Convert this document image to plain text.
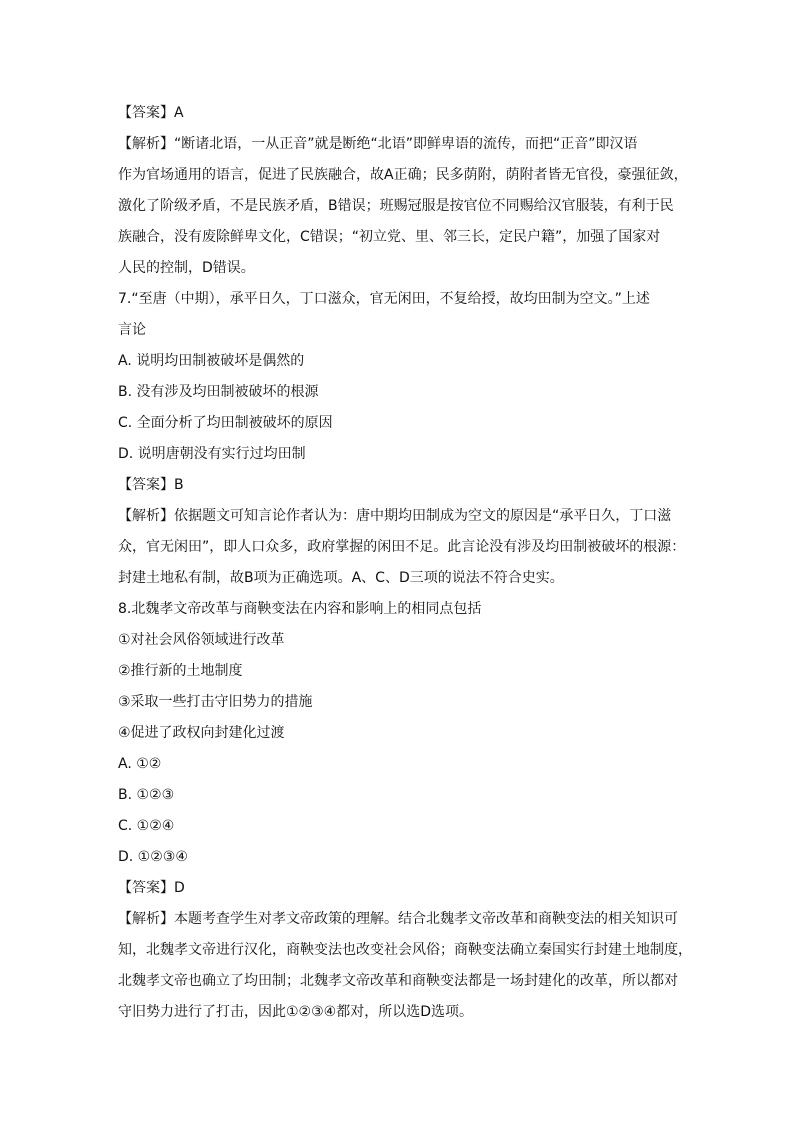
【答案】A
【解析】“断诸北语，一从正音”就是断绝“北语”即鲜卑语的流传，而把“正音”即汉语
作为官场通用的语言，促进了民族融合，故A正确；民多荫附，荫附者皆无官役，豪强征敛，
激化了阶级矛盾，不是民族矛盾，B错误；班赐冠服是按官位不同赐给汉官服装，有利于民
族融合，没有废除鲜卑文化，C错误；“初立党、里、邻三长，定民户籍”，加强了国家对
人民的控制，D错误。
7.“至唐（中期），承平日久，丁口滋众，官无闲田，不复给授，故均田制为空文。”上述
言论
A. 说明均田制被破坏是偶然的
B. 没有涉及均田制被破坏的根源
C. 全面分析了均田制被破坏的原因
D. 说明唐朝没有实行过均田制
【答案】B
【解析】依据题文可知言论作者认为：唐中期均田制成为空文的原因是“承平日久，丁口滋
众，官无闲田”，即人口众多，政府掌握的闲田不足。此言论没有涉及均田制被破坏的根源：
封建土地私有制，故B项为正确选项。A、C、D三项的说法不符合史实。
8.北魏孝文帝改革与商鞅变法在内容和影响上的相同点包括
①对社会风俗领域进行改革
②推行新的土地制度
③采取一些打击守旧势力的措施
④促进了政权向封建化过渡
A. ①②
B. ①②③
C. ①②④
D. ①②③④
【答案】D
【解析】本题考查学生对孝文帝政策的理解。结合北魏孝文帝改革和商鞅变法的相关知识可
知，北魏孝文帝进行汉化，商鞅变法也改变社会风俗；商鞅变法确立秦国实行封建土地制度，
北魏孝文帝也确立了均田制；北魏孝文帝改革和商鞅变法都是一场封建化的改革，所以都对
守旧势力进行了打击，因此①②③④都对，所以选D选项。
